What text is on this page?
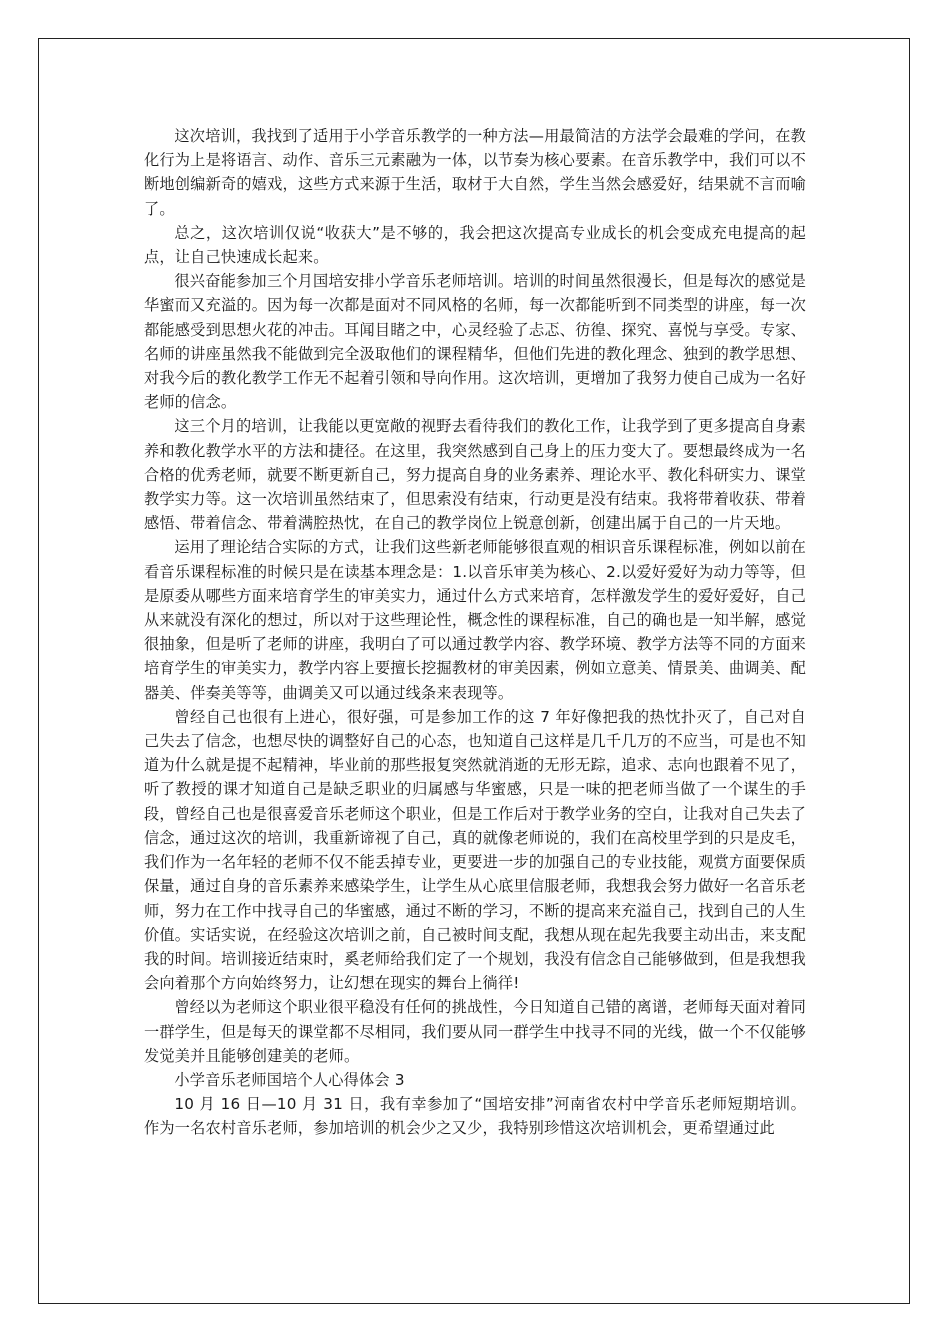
这次培训，我找到了适用于小学音乐教学的一种方法—用最简洁的方法学会最难的学问，在教化行为上是将语言、动作、音乐三元素融为一体，以节奏为核心要素。在音乐教学中，我们可以不断地创编新奇的嬉戏，这些方式来源于生活，取材于大自然，学生当然会感爱好，结果就不言而喻了。

总之，这次培训仅说“收获大”是不够的，我会把这次提高专业成长的机会变成充电提高的起点，让自己快速成长起来。

很兴奋能参加三个月国培安排小学音乐老师培训。培训的时间虽然很漫长，但是每次的感觉是华蜜而又充溢的。因为每一次都是面对不同风格的名师，每一次都能听到不同类型的讲座，每一次都能感受到思想火花的冲击。耳闻目睹之中，心灵经验了忐忑、彷徨、探究、喜悦与享受。专家、名师的讲座虽然我不能做到完全汲取他们的课程精华，但他们先进的教化理念、独到的教学思想、对我今后的教化教学工作无不起着引领和导向作用。这次培训，更增加了我努力使自己成为一名好老师的信念。

这三个月的培训，让我能以更宽敞的视野去看待我们的教化工作，让我学到了更多提高自身素养和教化教学水平的方法和捷径。在这里，我突然感到自己身上的压力变大了。要想最终成为一名合格的优秀老师，就要不断更新自己，努力提高自身的业务素养、理论水平、教化科研实力、课堂教学实力等。这一次培训虽然结束了，但思索没有结束，行动更是没有结束。我将带着收获、带着感悟、带着信念、带着满腔热忱，在自己的教学岗位上锐意创新，创建出属于自己的一片天地。

运用了理论结合实际的方式，让我们这些新老师能够很直观的相识音乐课程标准，例如以前在看音乐课程标准的时候只是在读基本理念是：1.以音乐审美为核心、2.以爱好爱好为动力等等，但是原委从哪些方面来培育学生的审美实力，通过什么方式来培育，怎样激发学生的爱好爱好，自己从来就没有深化的想过，所以对于这些理论性，概念性的课程标准，自己的确也是一知半解，感觉很抽象，但是听了老师的讲座，我明白了可以通过教学内容、教学环境、教学方法等不同的方面来培育学生的审美实力，教学内容上要擅长挖掘教材的审美因素，例如立意美、情景美、曲调美、配器美、伴奏美等等，曲调美又可以通过线条来表现等。

曾经自己也很有上进心，很好强，可是参加工作的这 7 年好像把我的热忱扑灭了，自己对自己失去了信念，也想尽快的调整好自己的心态，也知道自己这样是几千几万的不应当，可是也不知道为什么就是提不起精神，毕业前的那些报复突然就消逝的无形无踪，追求、志向也跟着不见了，听了教授的课才知道自己是缺乏职业的归属感与华蜜感，只是一味的把老师当做了一个谋生的手段，曾经自己也是很喜爱音乐老师这个职业，但是工作后对于教学业务的空白，让我对自己失去了信念，通过这次的培训，我重新谛视了自己，真的就像老师说的，我们在高校里学到的只是皮毛，我们作为一名年轻的老师不仅不能丢掉专业，更要进一步的加强自己的专业技能，观赏方面要保质保量，通过自身的音乐素养来感染学生，让学生从心底里信服老师，我想我会努力做好一名音乐老师，努力在工作中找寻自己的华蜜感，通过不断的学习，不断的提高来充溢自己，找到自己的人生价值。实话实说，在经验这次培训之前，自己被时间支配，我想从现在起先我要主动出击，来支配我的时间。培训接近结束时，奚老师给我们定了一个规划，我没有信念自己能够做到，但是我想我会向着那个方向始终努力，让幻想在现实的舞台上徜徉!

曾经以为老师这个职业很平稳没有任何的挑战性，今日知道自己错的离谱，老师每天面对着同一群学生，但是每天的课堂都不尽相同，我们要从同一群学生中找寻不同的光线，做一个不仅能够发觉美并且能够创建美的老师。

小学音乐老师国培个人心得体会 3

10 月 16 日—10 月 31 日，我有幸参加了“国培安排”河南省农村中学音乐老师短期培训。作为一名农村音乐老师，参加培训的机会少之又少，我特别珍惜这次培训机会，更希望通过此
